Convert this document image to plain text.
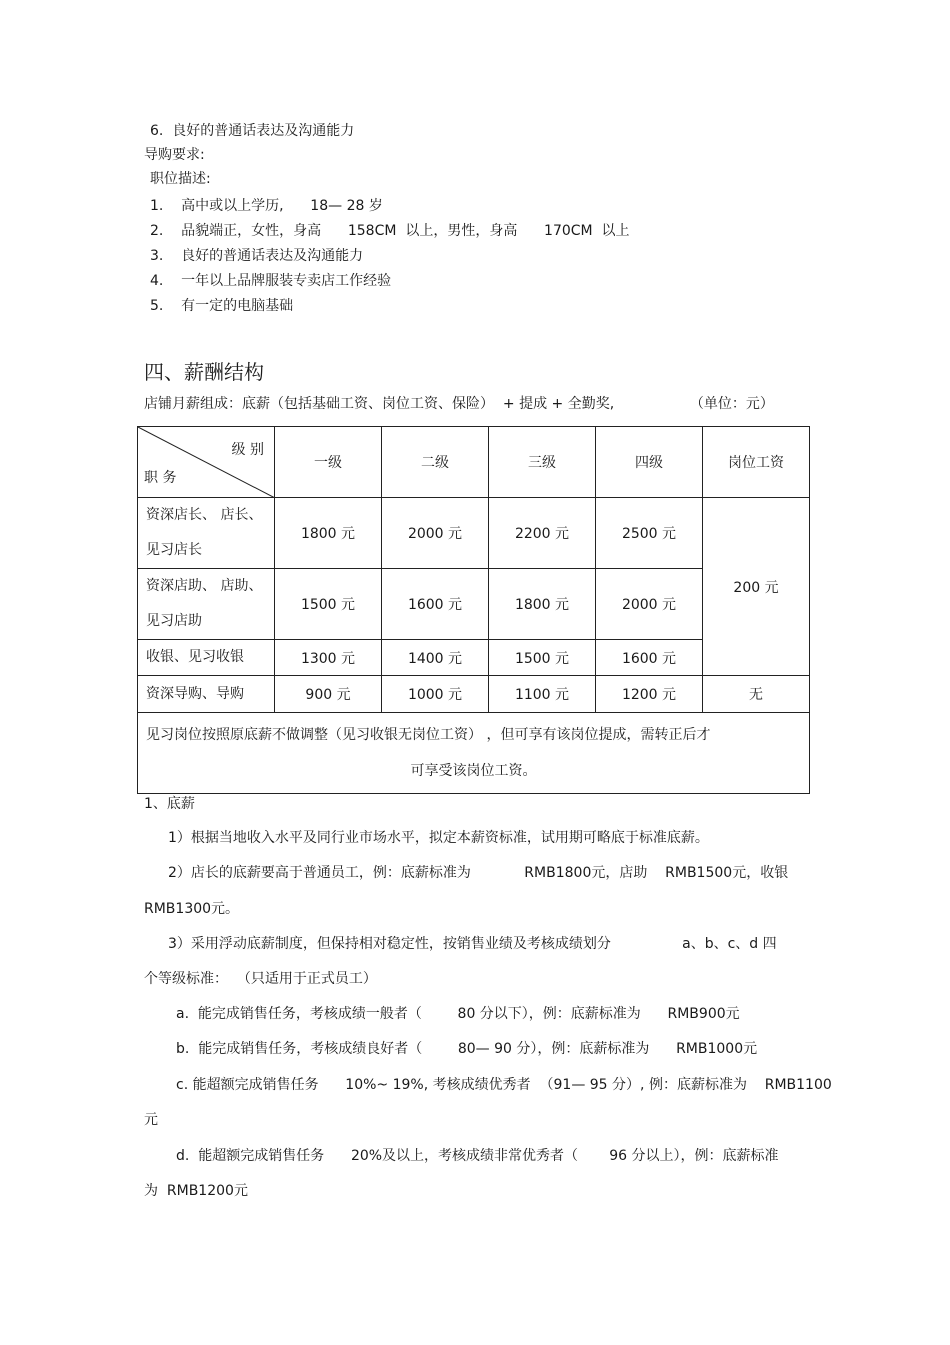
6.  良好的普通话表达及沟通能力
导购要求:
职位描述:
1.    高中或以上学历,      18— 28 岁
2.    品貌端正，女性，身高      158CM  以上，男性，身高      170CM  以上
3.    良好的普通话表达及沟通能力
4.    一年以上品牌服装专卖店工作经验
5.    有一定的电脑基础
四、薪酬结构
店铺月薪组成：底薪（包括基础工资、岗位工资、保险）  + 提成 + 全勤奖,                 （单位：元）
级 别
职 务	一级	二级	三级	四级	岗位工资
资深店长、 店长、
见习店长	1800 元	2000 元	2200 元	2500 元	200 元
资深店助、 店助、
见习店助	1500 元	1600 元	1800 元	2000 元	
收银、见习收银	1300 元	1400 元	1500 元	1600 元	
资深导购、导购	900 元	1000 元	1100 元	1200 元	无

见习岗位按照原底薪不做调整（见习收银无岗位工资） ，但可享有该岗位提成，需转正后才
可享受该岗位工资。					
1、底薪
1）根据当地收入水平及同行业市场水平，拟定本薪资标准，试用期可略底于标准底薪。
2）店长的底薪要高于普通员工，例：底薪标准为            RMB1800元，店助    RMB1500元，收银
RMB1300元。
3）采用浮动底薪制度，但保持相对稳定性，按销售业绩及考核成绩划分                a、b、c、d 四
个等级标准：  （只适用于正式员工）
a.  能完成销售任务，考核成绩一般者（        80 分以下），例：底薪标准为      RMB900元
b.  能完成销售任务，考核成绩良好者（        80— 90 分），例：底薪标准为      RMB1000元
c. 能超额完成销售任务      10%~ 19%, 考核成绩优秀者  （91— 95 分）, 例：底薪标准为    RMB1100
元
d.  能超额完成销售任务      20%及以上，考核成绩非常优秀者（       96 分以上），例：底薪标准
为  RMB1200元
